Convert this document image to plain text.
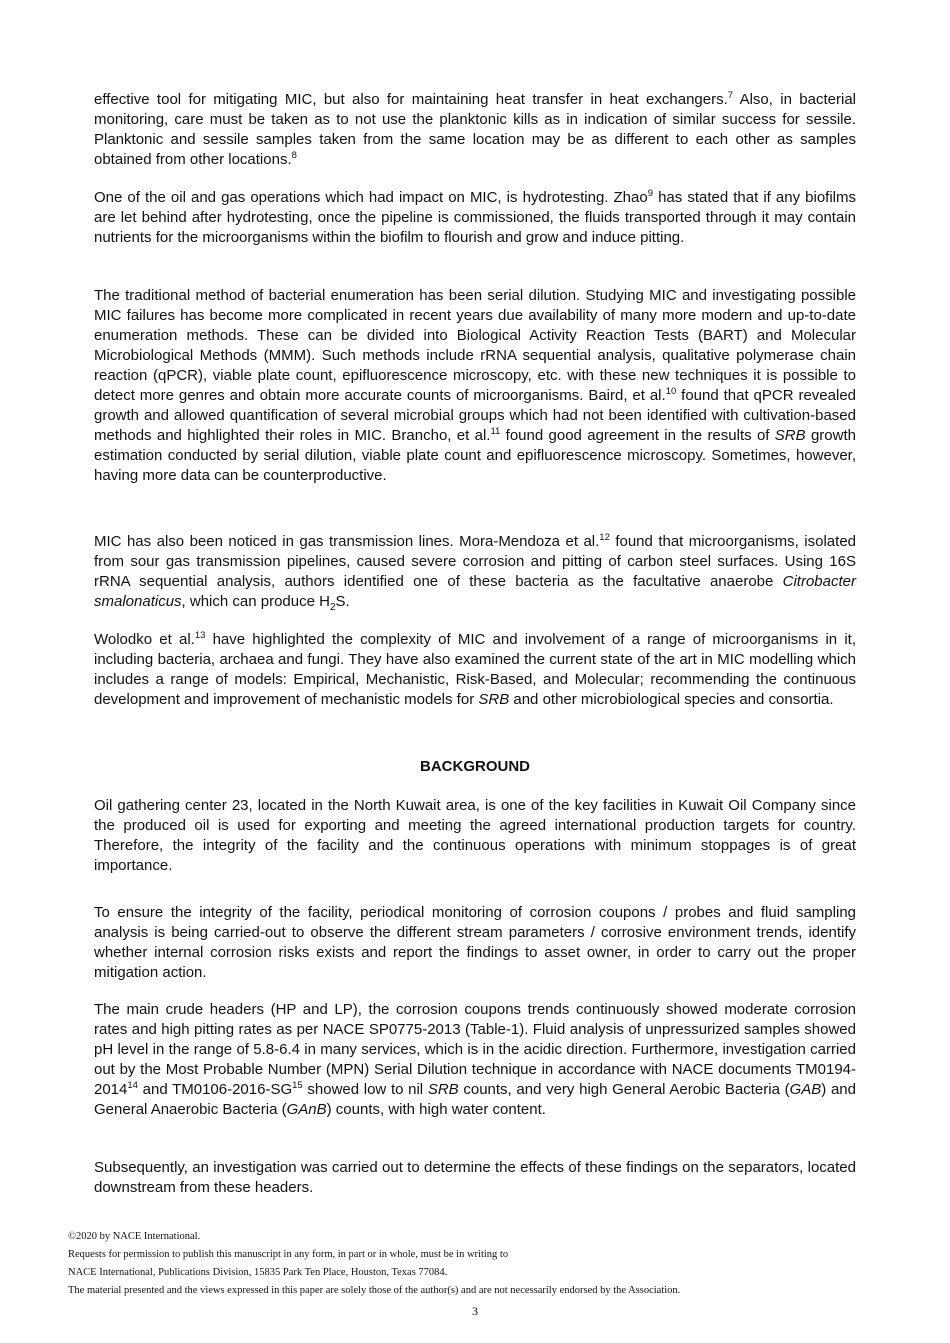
effective tool for mitigating MIC, but also for maintaining heat transfer in heat exchangers.$^7$ Also, in bacterial monitoring, care must be taken as to not use the planktonic kills as in indication of similar success for sessile. Planktonic and sessile samples taken from the same location may be as different to each other as samples obtained from other locations.$^8$

One of the oil and gas operations which had impact on MIC, is hydrotesting. Zhao$^9$ has stated that if any biofilms are let behind after hydrotesting, once the pipeline is commissioned, the fluids transported through it may contain nutrients for the microorganisms within the biofilm to flourish and grow and induce pitting.

The traditional method of bacterial enumeration has been serial dilution. Studying MIC and investigating possible MIC failures has become more complicated in recent years due availability of many more modern and up-to-date enumeration methods. These can be divided into Biological Activity Reaction Tests (BART) and Molecular Microbiological Methods (MMM). Such methods include rRNA sequential analysis, qualitative polymerase chain reaction (qPCR), viable plate count, epifluorescence microscopy, etc. with these new techniques it is possible to detect more genres and obtain more accurate counts of microorganisms. Baird, et al.$^{10}$ found that qPCR revealed growth and allowed quantification of several microbial groups which had not been identified with cultivation-based methods and highlighted their roles in MIC. Brancho, et al.$^{11}$ found good agreement in the results of SRB growth estimation conducted by serial dilution, viable plate count and epifluorescence microscopy. Sometimes, however, having more data can be counterproductive.

MIC has also been noticed in gas transmission lines. Mora-Mendoza et al.$^{12}$ found that microorganisms, isolated from sour gas transmission pipelines, caused severe corrosion and pitting of carbon steel surfaces. Using 16S rRNA sequential analysis, authors identified one of these bacteria as the facultative anaerobe Citrobacter smalonaticus, which can produce $H_2S$.

Wolodko et al.$^{13}$ have highlighted the complexity of MIC and involvement of a range of microorganisms in it, including bacteria, archaea and fungi. They have also examined the current state of the art in MIC modelling which includes a range of models: Empirical, Mechanistic, Risk-Based, and Molecular; recommending the continuous development and improvement of mechanistic models for SRB and other microbiological species and consortia.

BACKGROUND

Oil gathering center 23, located in the North Kuwait area, is one of the key facilities in Kuwait Oil Company since the produced oil is used for exporting and meeting the agreed international production targets for country. Therefore, the integrity of the facility and the continuous operations with minimum stoppages is of great importance.

To ensure the integrity of the facility, periodical monitoring of corrosion coupons / probes and fluid sampling analysis is being carried-out to observe the different stream parameters / corrosive environment trends, identify whether internal corrosion risks exists and report the findings to asset owner, in order to carry out the proper mitigation action.

The main crude headers (HP and LP), the corrosion coupons trends continuously showed moderate corrosion rates and high pitting rates as per NACE SP0775-2013 (Table-1). Fluid analysis of unpressurized samples showed pH level in the range of 5.8-6.4 in many services, which is in the acidic direction. Furthermore, investigation carried out by the Most Probable Number (MPN) Serial Dilution technique in accordance with NACE documents TM0194-2014$^{14}$ and TM0106-2016-SG$^{15}$ showed low to nil SRB counts, and very high General Aerobic Bacteria (GAB) and General Anaerobic Bacteria (GAnB) counts, with high water content.

Subsequently, an investigation was carried out to determine the effects of these findings on the separators, located downstream from these headers.

©2020 by NACE International.
Requests for permission to publish this manuscript in any form, in part or in whole, must be in writing to
NACE International, Publications Division, 15835 Park Ten Place, Houston, Texas 77084.
The material presented and the views expressed in this paper are solely those of the author(s) and are not necessarily endorsed by the Association.
3
